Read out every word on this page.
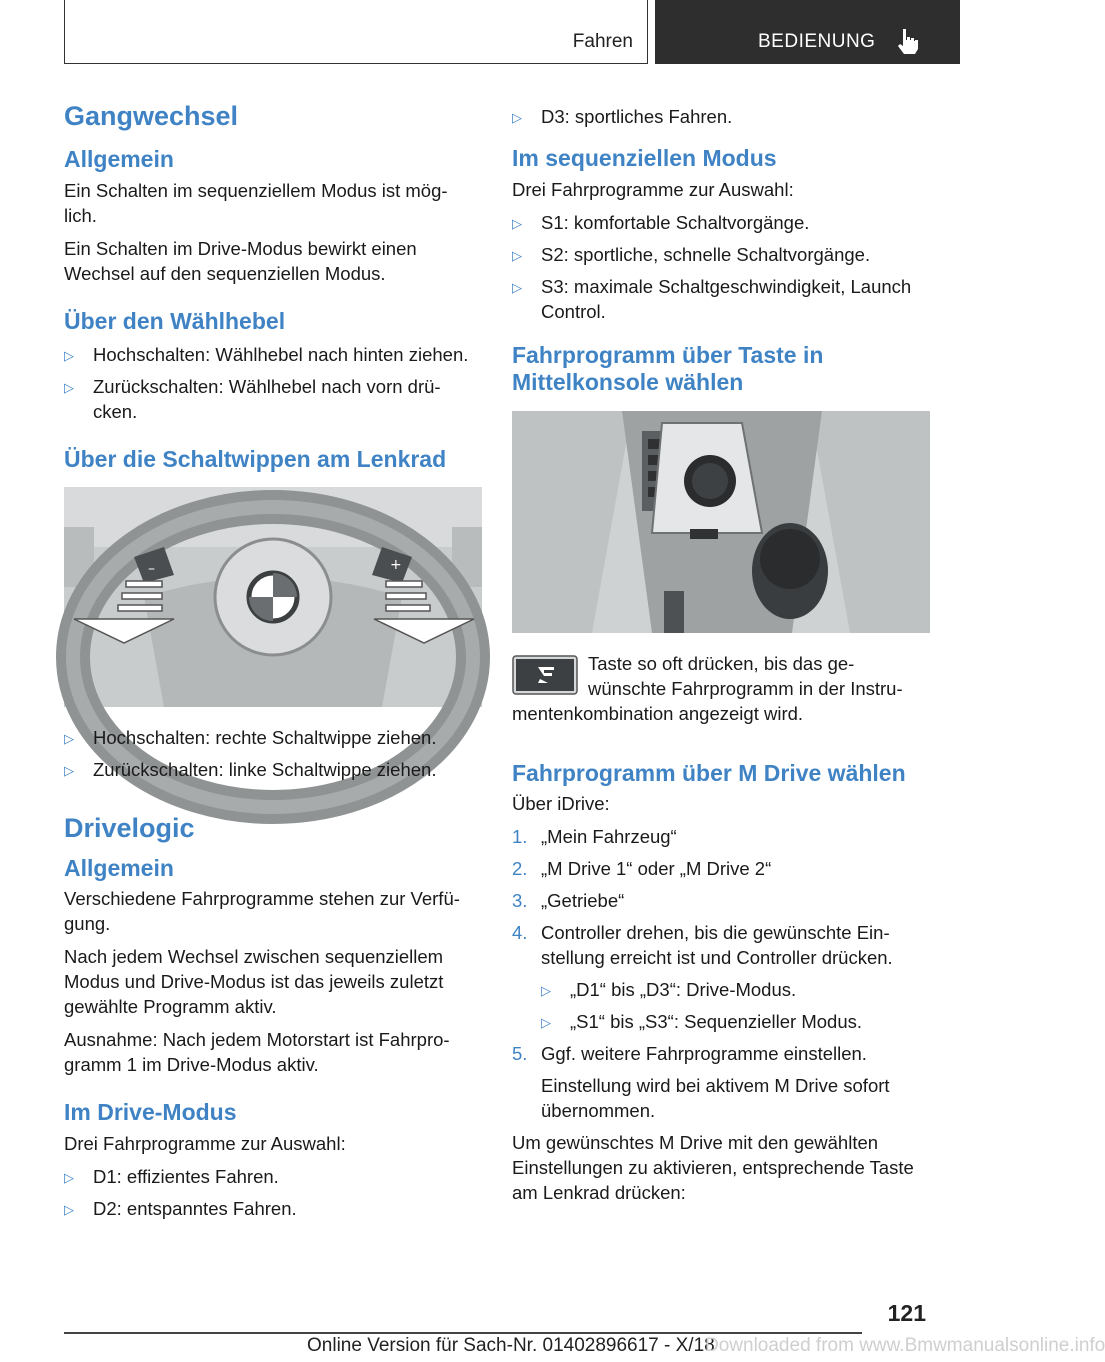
Fahren	BEDIENUNG
Gangwechsel
Allgemein

Ein Schalten im sequenziellem Modus ist mög-
lich.

Ein Schalten im Drive-Modus bewirkt einen
Wechsel auf den sequenziellen Modus.

Über den Wählhebel
▷ Hochschalten: Wählhebel nach hinten ziehen.
▷ Zurückschalten: Wählhebel nach vorn drü‐cken.
Über die Schaltwippen am Lenkrad
–	+
▷ Hochschalten: rechte Schaltwippe ziehen.
▷ Zurückschalten: linke Schaltwippe ziehen.
Drivelogic
Allgemein

Verschiedene Fahrprogramme stehen zur Verfü‐gung.

Nach jedem Wechsel zwischen sequenziellem Modus und Drive-Modus ist das jeweils zuletzt gewählte Programm aktiv.

Ausnahme: Nach jedem Motorstart ist Fahrpro‐gramm 1 im Drive-Modus aktiv.

Im Drive-Modus

Drei Fahrprogramme zur Auswahl:

▷ D1: effizientes Fahren.
▷ D2: entspanntes Fahren.
▷ D3: sportliches Fahren.
Im sequenziellen Modus

Drei Fahrprogramme zur Auswahl:

▷ S1: komfortable Schaltvorgänge.
▷ S2: sportliche, schnelle Schaltvorgänge.
▷ S3: maximale Schaltgeschwindigkeit, Launch Control.
Fahrprogramm über Taste in Mittelkonsole wählen
Taste so oft drücken, bis das ge‐
wünschte Fahrprogramm in der Instru‐
mentenkombination angezeigt wird.
Fahrprogramm über M Drive wählen

Über iDrive:

1. „Mein Fahrzeug“
2. „M Drive 1“ oder „M Drive 2“
3. „Getriebe“
4. Controller drehen, bis die gewünschte Ein‐stellung erreicht ist und Controller drücken.
▷ „D1“ bis „D3“: Drive-Modus.
▷ „S1“ bis „S3“: Sequenzieller Modus.
5. Ggf. weitere Fahrprogramme einstellen.
Einstellung wird bei aktivem M Drive sofort übernommen.

Um gewünschtes M Drive mit den gewählten Einstellungen zu aktivieren, entsprechende Taste am Lenkrad drücken:

121
Online Version für Sach-Nr. 01402896617 - X/18
Downloaded from www.Bmwmanualsonline.info
